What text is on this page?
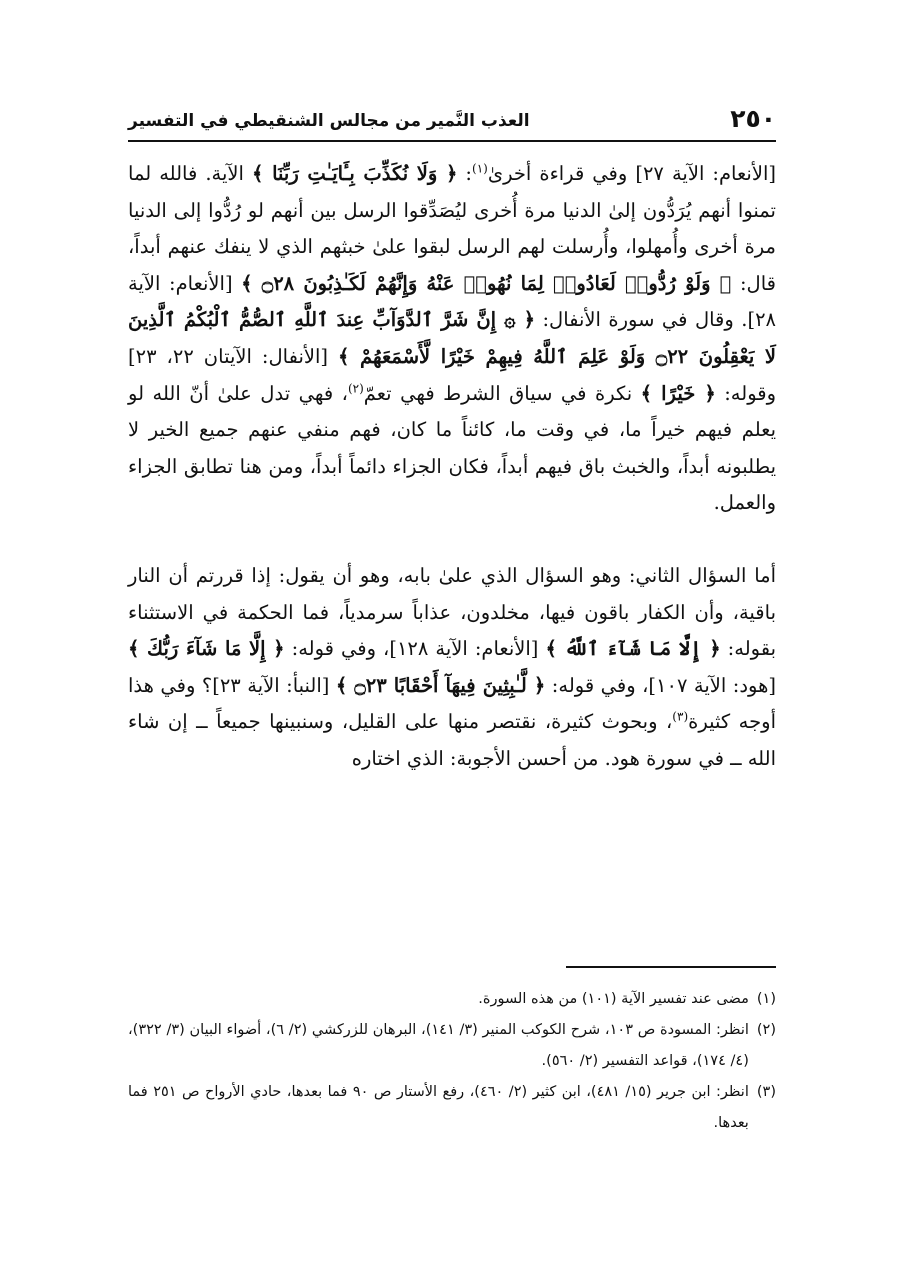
٢٥٠
العذب النَّمير من مجالس الشنقيطي في التفسير

[الأنعام: الآية ٢٧] وفي قراءة أخرىٰ$^{(١)}$: ﴿ وَلَا نُكَذِّبَ بِـَٔايَـٰتِ رَبِّنَا ﴾ الآية. فالله لما تمنوا أنهم يُرَدُّون إلىٰ الدنيا مرة أُخرى ليُصَدِّقوا الرسل بين أنهم لو رُدُّوا إلى الدنيا مرة أخرى وأُمهلوا، وأُرسلت لهم الرسل لبقوا علىٰ خبثهم الذي لا ينفك عنهم أبداً، قال: ﴿ وَلَوْ رُدُّوا۟ لَعَادُوا۟ لِمَا نُهُوا۟ عَنْهُ وَإِنَّهُمْ لَكَـٰذِبُونَ ۝٢٨ ﴾ [الأنعام: الآية ٢٨]. وقال في سورة الأنفال: ﴿ ۞ إِنَّ شَرَّ ٱلدَّوَآبِّ عِندَ ٱللَّهِ ٱلصُّمُّ ٱلْبُكْمُ ٱلَّذِينَ لَا يَعْقِلُونَ ۝٢٢ وَلَوْ عَلِمَ ٱللَّهُ فِيهِمْ خَيْرًا لَّأَسْمَعَهُمْ ﴾ [الأنفال: الآيتان ٢٢، ٢٣] وقوله: ﴿ خَيْرًا ﴾ نكرة في سياق الشرط فهي تعمّ$^{(٢)}$، فهي تدل علىٰ أنّ الله لو يعلم فيهم خيراً ما، في وقت ما، كائناً ما كان، فهم منفي عنهم جميع الخير لا يطلبونه أبداً، والخبث باق فيهم أبداً، فكان الجزاء دائماً أبداً، ومن هنا تطابق الجزاء والعمل.

أما السؤال الثاني: وهو السؤال الذي علىٰ بابه، وهو أن يقول: إذا قررتم أن النار باقية، وأن الكفار باقون فيها، مخلدون، عذاباً سرمدياً، فما الحكمة في الاستثناء بقوله: ﴿ إِلَّا مَا شَآءَ ٱللَّهُ ﴾ [الأنعام: الآية ١٢٨]، وفي قوله: ﴿ إِلَّا مَا شَآءَ رَبُّكَ ﴾ [هود: الآية ١٠٧]، وفي قوله: ﴿ لَّـٰبِثِينَ فِيهَآ أَحْقَابًا ۝٢٣ ﴾ [النبأ: الآية ٢٣]؟ وفي هذا أوجه كثيرة$^{(٣)}$، وبحوث كثيرة، نقتصر منها على القليل، وسنبينها جميعاً ــ إن شاء الله ــ في سورة هود. من أحسن الأجوبة: الذي اختاره

(١)
مضى عند تفسير الآية (١٠١) من هذه السورة.

(٢)
انظر: المسودة ص ١٠٣، شرح الكوكب المنير (٣/ ١٤١)، البرهان للزركشي (٢/ ٦)، أضواء البيان (٣/ ٣٢٢)، (٤/ ١٧٤)، قواعد التفسير (٢/ ٥٦٠).

(٣)
انظر: ابن جرير (١٥/ ٤٨١)، ابن كثير (٢/ ٤٦٠)، رفع الأستار ص ٩٠ فما بعدها، حادي الأرواح ص ٢٥١ فما بعدها.
